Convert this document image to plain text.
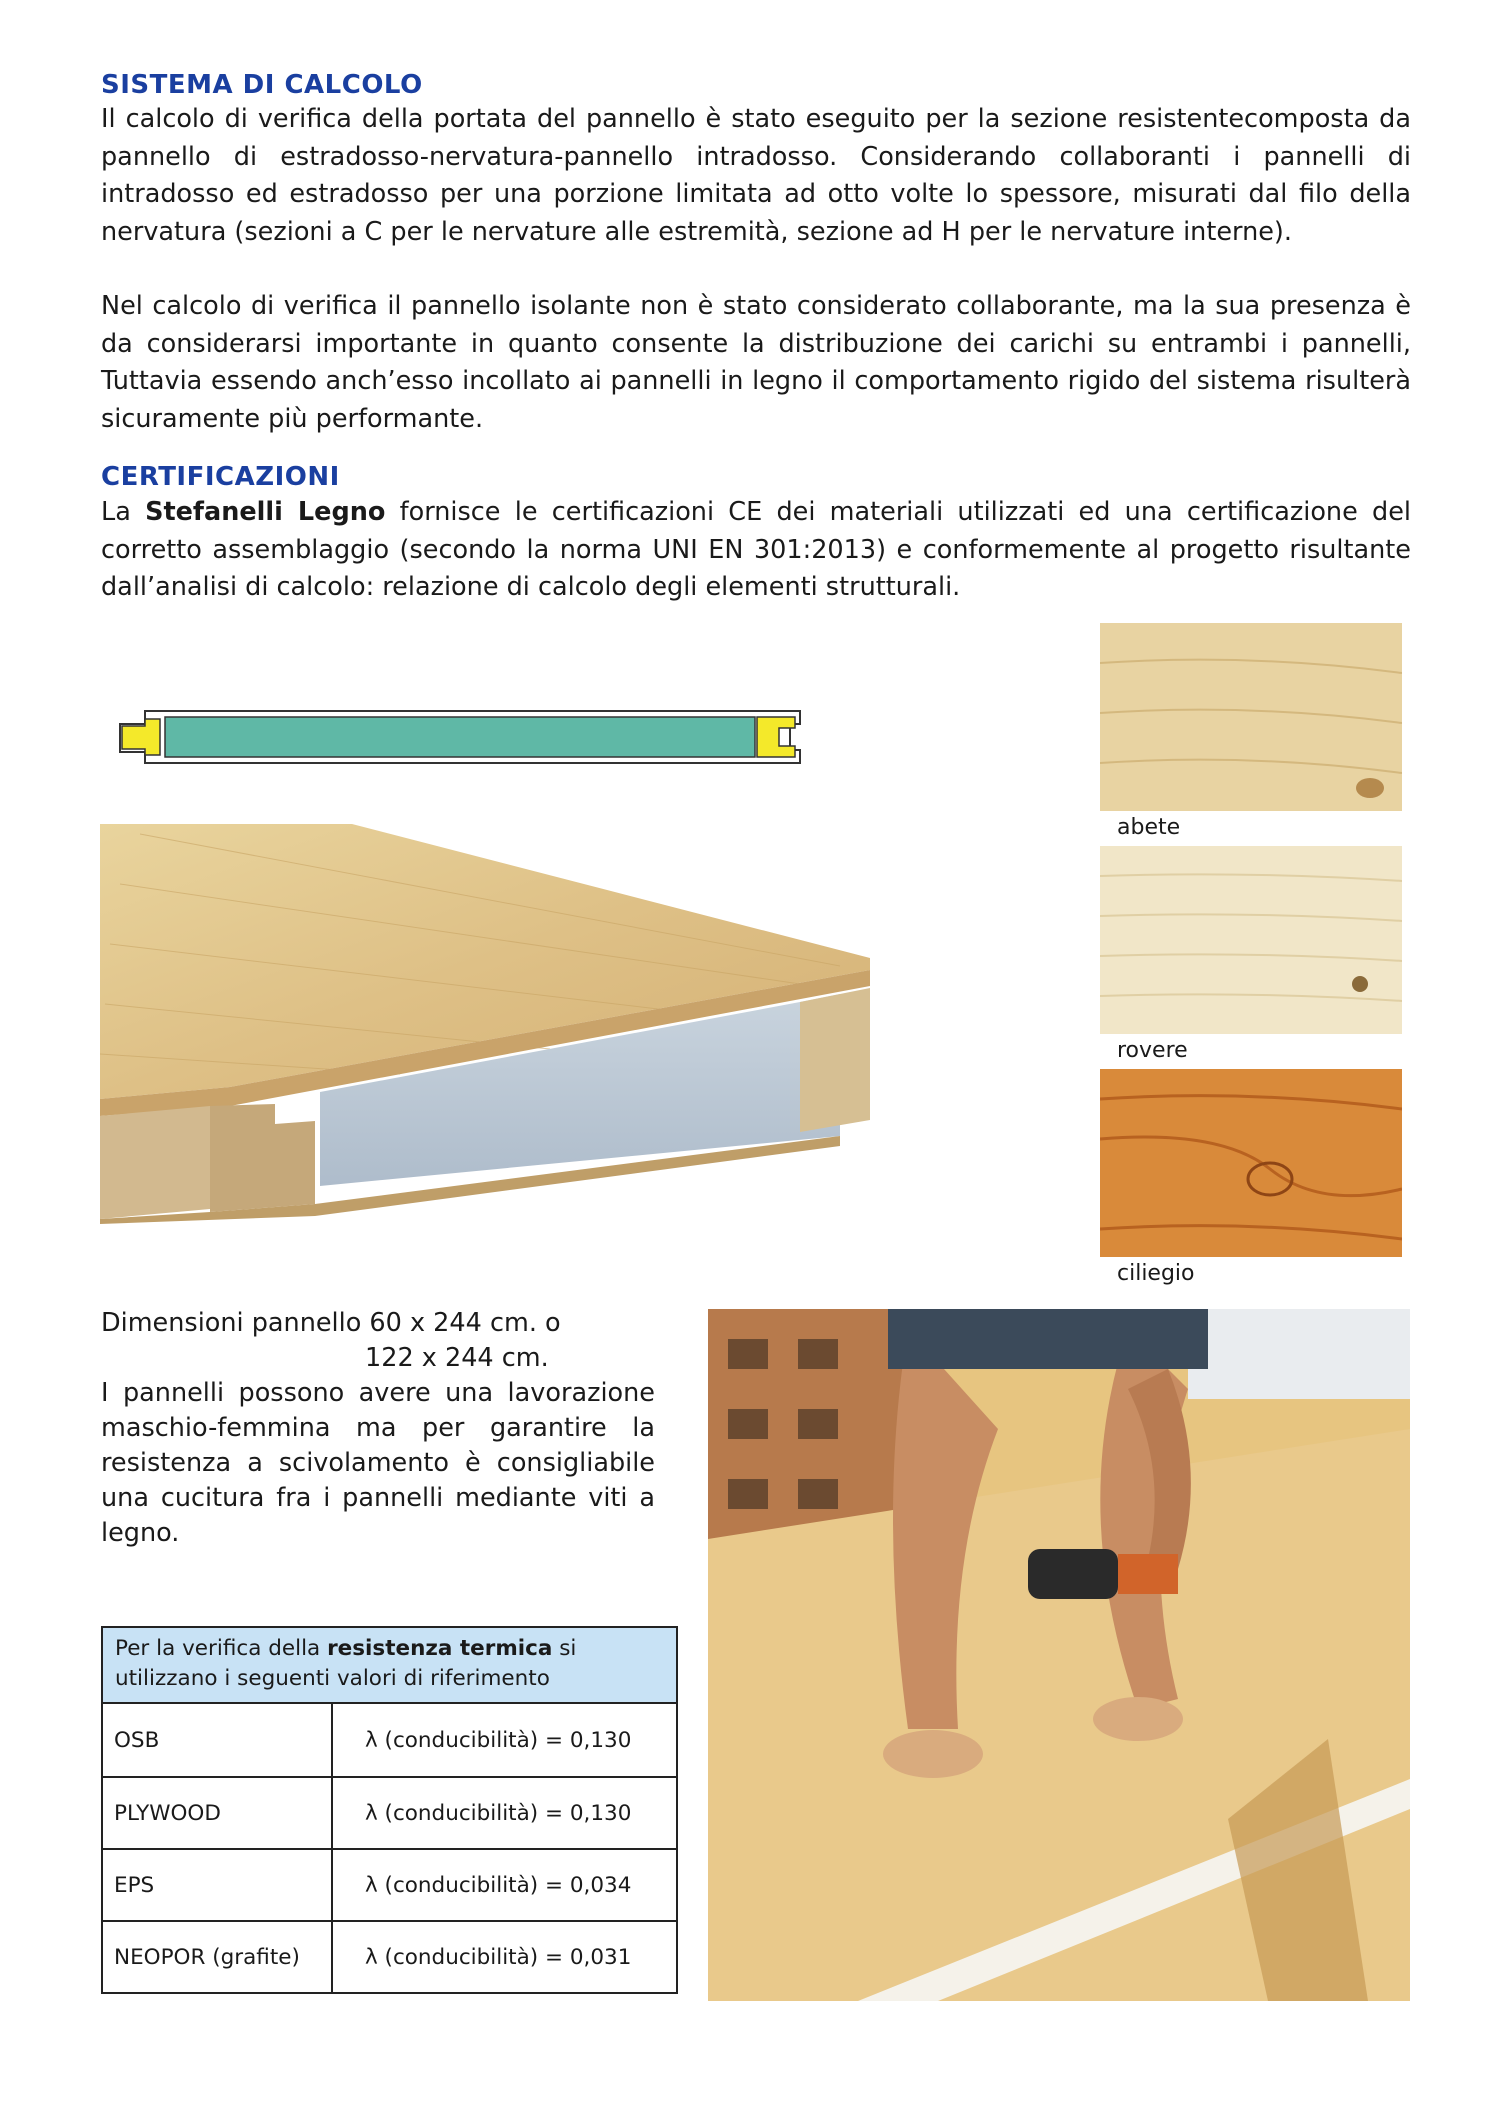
SISTEMA DI CALCOLO

Il calcolo di verifica della portata del pannello è stato eseguito per la sezione resistentecomposta da pannello di estradosso-nervatura-pannello intradosso. Considerando collaboranti i pannelli di intradosso ed estradosso per una porzione limitata ad otto volte lo spessore, misurati dal filo della nervatura (sezioni a C per le nervature alle estremità, sezione ad H per le nervature interne).

Nel calcolo di verifica il pannello isolante non è stato considerato collaborante, ma la sua presenza è da considerarsi importante in quanto consente la distribuzione dei carichi su entrambi i pannelli, Tuttavia essendo anch’esso incollato ai pannelli in legno il comportamento rigido del sistema risulterà sicuramente più performante.

CERTIFICAZIONI

La Stefanelli Legno fornisce le certificazioni CE dei materiali utilizzati ed una certificazione del corretto assemblaggio (secondo la norma UNI EN 301:2013) e conformemente al progetto risultante dall’analisi di calcolo: relazione di calcolo degli elementi strutturali.

abete
rovere
ciliegio
Dimensioni pannello 60 x 244 cm. o
122 x 244 cm.

I pannelli possono avere una lavorazione maschio-femmina ma per garantire la resistenza a scivolamento è consigliabile una cucitura fra i pannelli mediante viti a legno.

Per la verifica della resistenza termica si utilizzano i seguenti valori di riferimento
OSB	λ (conducibilità) = 0,130
PLYWOOD	λ (conducibilità) = 0,130
EPS	λ (conducibilità) = 0,034
NEOPOR (grafite)	λ (conducibilità) = 0,031
